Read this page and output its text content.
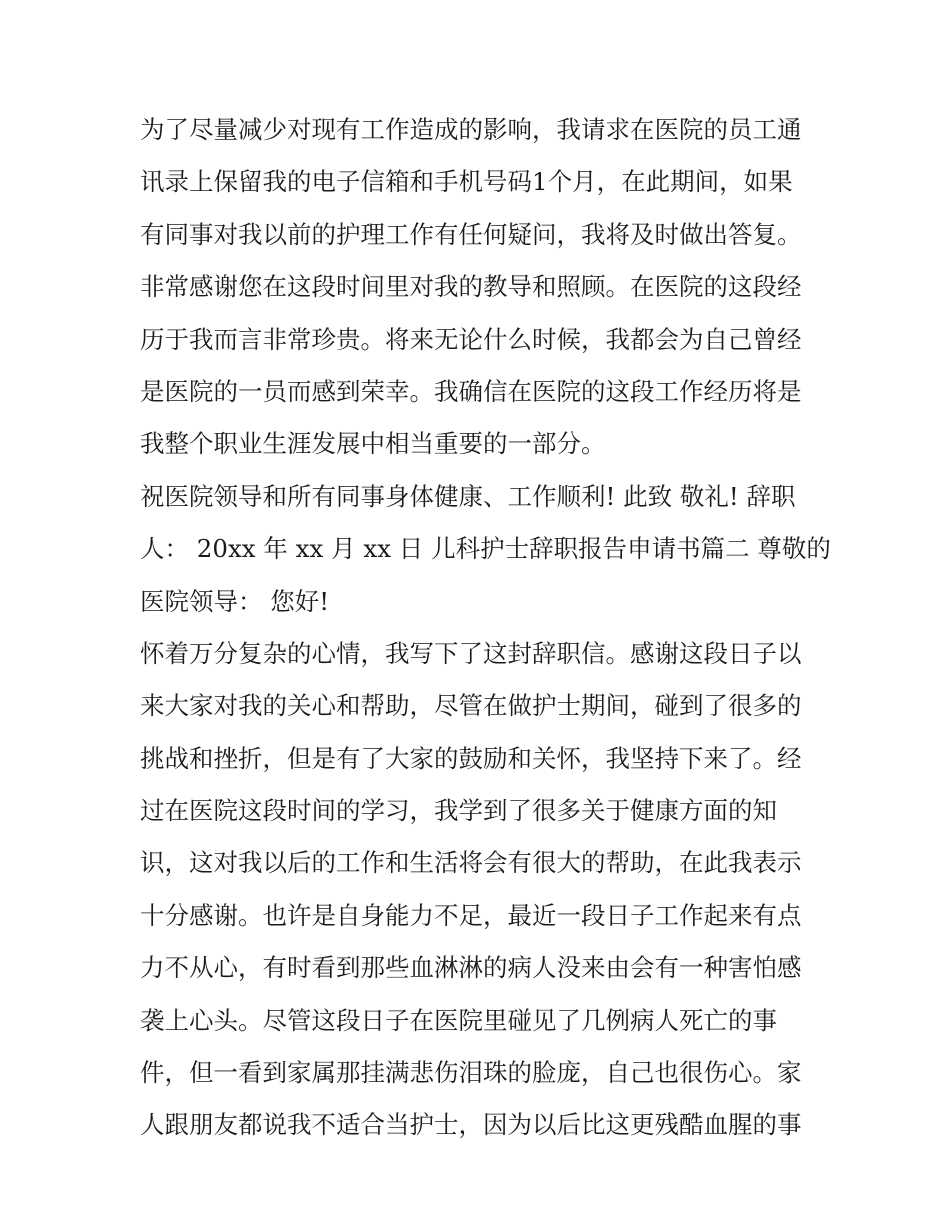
为了尽量减少对现有工作造成的影响，我请求在医院的员工通
讯录上保留我的电子信箱和手机号码1个月，在此期间，如果
有同事对我以前的护理工作有任何疑问，我将及时做出答复。
非常感谢您在这段时间里对我的教导和照顾。在医院的这段经
历于我而言非常珍贵。将来无论什么时候，我都会为自己曾经
是医院的一员而感到荣幸。我确信在医院的这段工作经历将是
我整个职业生涯发展中相当重要的一部分。
祝医院领导和所有同事身体健康、工作顺利! 此致 敬礼! 辞职
人： 20xx 年 xx 月 xx 日 儿科护士辞职报告申请书篇二 尊敬的
医院领导： 您好!
怀着万分复杂的心情，我写下了这封辞职信。感谢这段日子以
来大家对我的关心和帮助，尽管在做护士期间，碰到了很多的
挑战和挫折，但是有了大家的鼓励和关怀，我坚持下来了。经
过在医院这段时间的学习，我学到了很多关于健康方面的知
识，这对我以后的工作和生活将会有很大的帮助，在此我表示
十分感谢。也许是自身能力不足，最近一段日子工作起来有点
力不从心，有时看到那些血淋淋的病人没来由会有一种害怕感
袭上心头。尽管这段日子在医院里碰见了几例病人死亡的事
件，但一看到家属那挂满悲伤泪珠的脸庞，自己也很伤心。家
人跟朋友都说我不适合当护士，因为以后比这更残酷血腥的事
